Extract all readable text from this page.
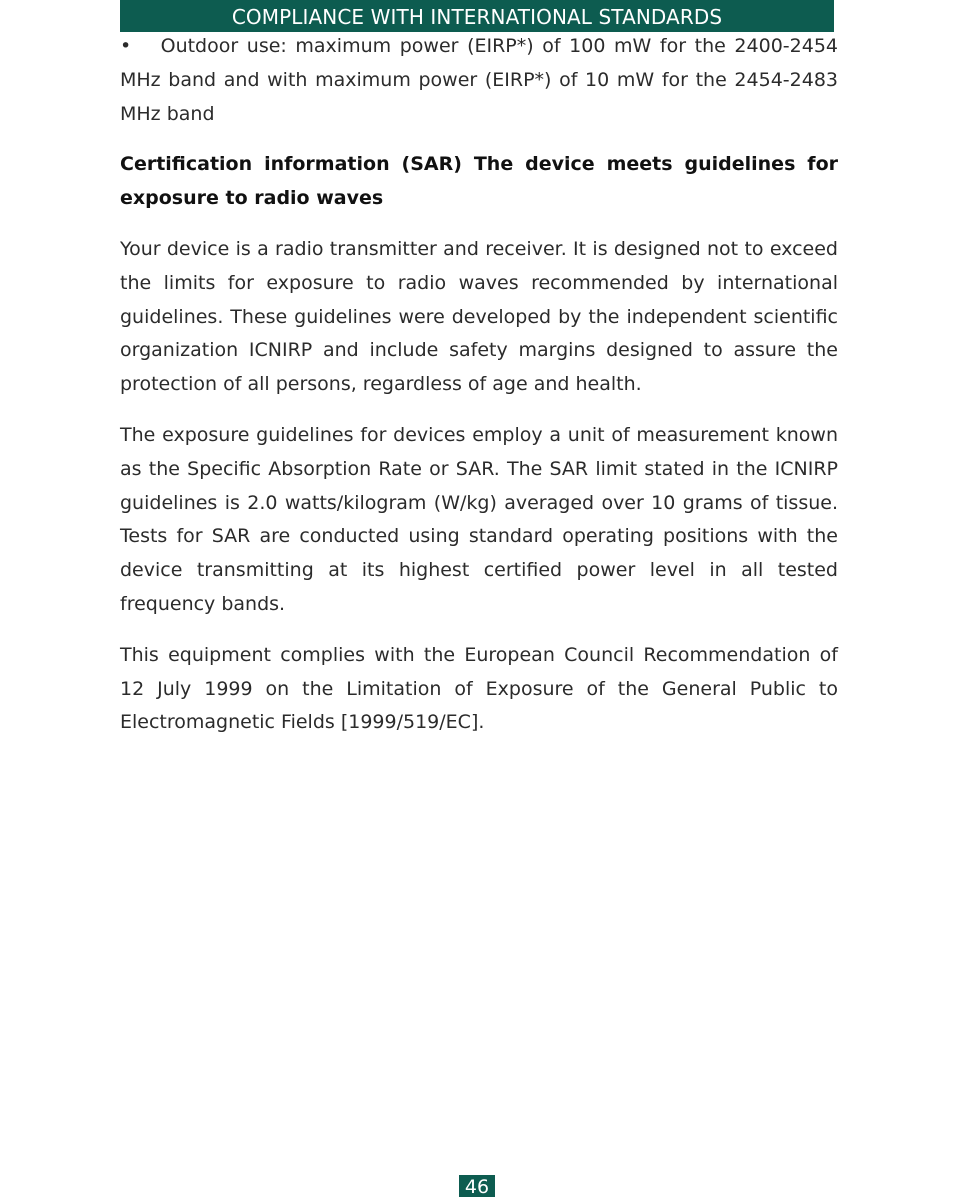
COMPLIANCE WITH INTERNATIONAL STANDARDS

• Outdoor use: maximum power (EIRP*) of 100 mW for the 2400-2454 MHz band and with maximum power (EIRP*) of 10 mW for the 2454-2483 MHz band

Certification information (SAR) The device meets guidelines for exposure to radio waves

Your device is a radio transmitter and receiver. It is designed not to exceed the limits for exposure to radio waves recommended by international guidelines. These guidelines were developed by the independent scientific organization ICNIRP and include safety margins designed to assure the protection of all persons, regardless of age and health.

The exposure guidelines for devices employ a unit of measurement known as the Specific Absorption Rate or SAR. The SAR limit stated in the ICNIRP guidelines is 2.0 watts/kilogram (W/kg) averaged over 10 grams of tissue. Tests for SAR are conducted using standard operating positions with the device transmitting at its highest certified power level in all tested frequency bands.

This equipment complies with the European Council Recommendation of 12 July 1999 on the Limitation of Exposure of the General Public to Electromagnetic Fields [1999/519/EC].

46
